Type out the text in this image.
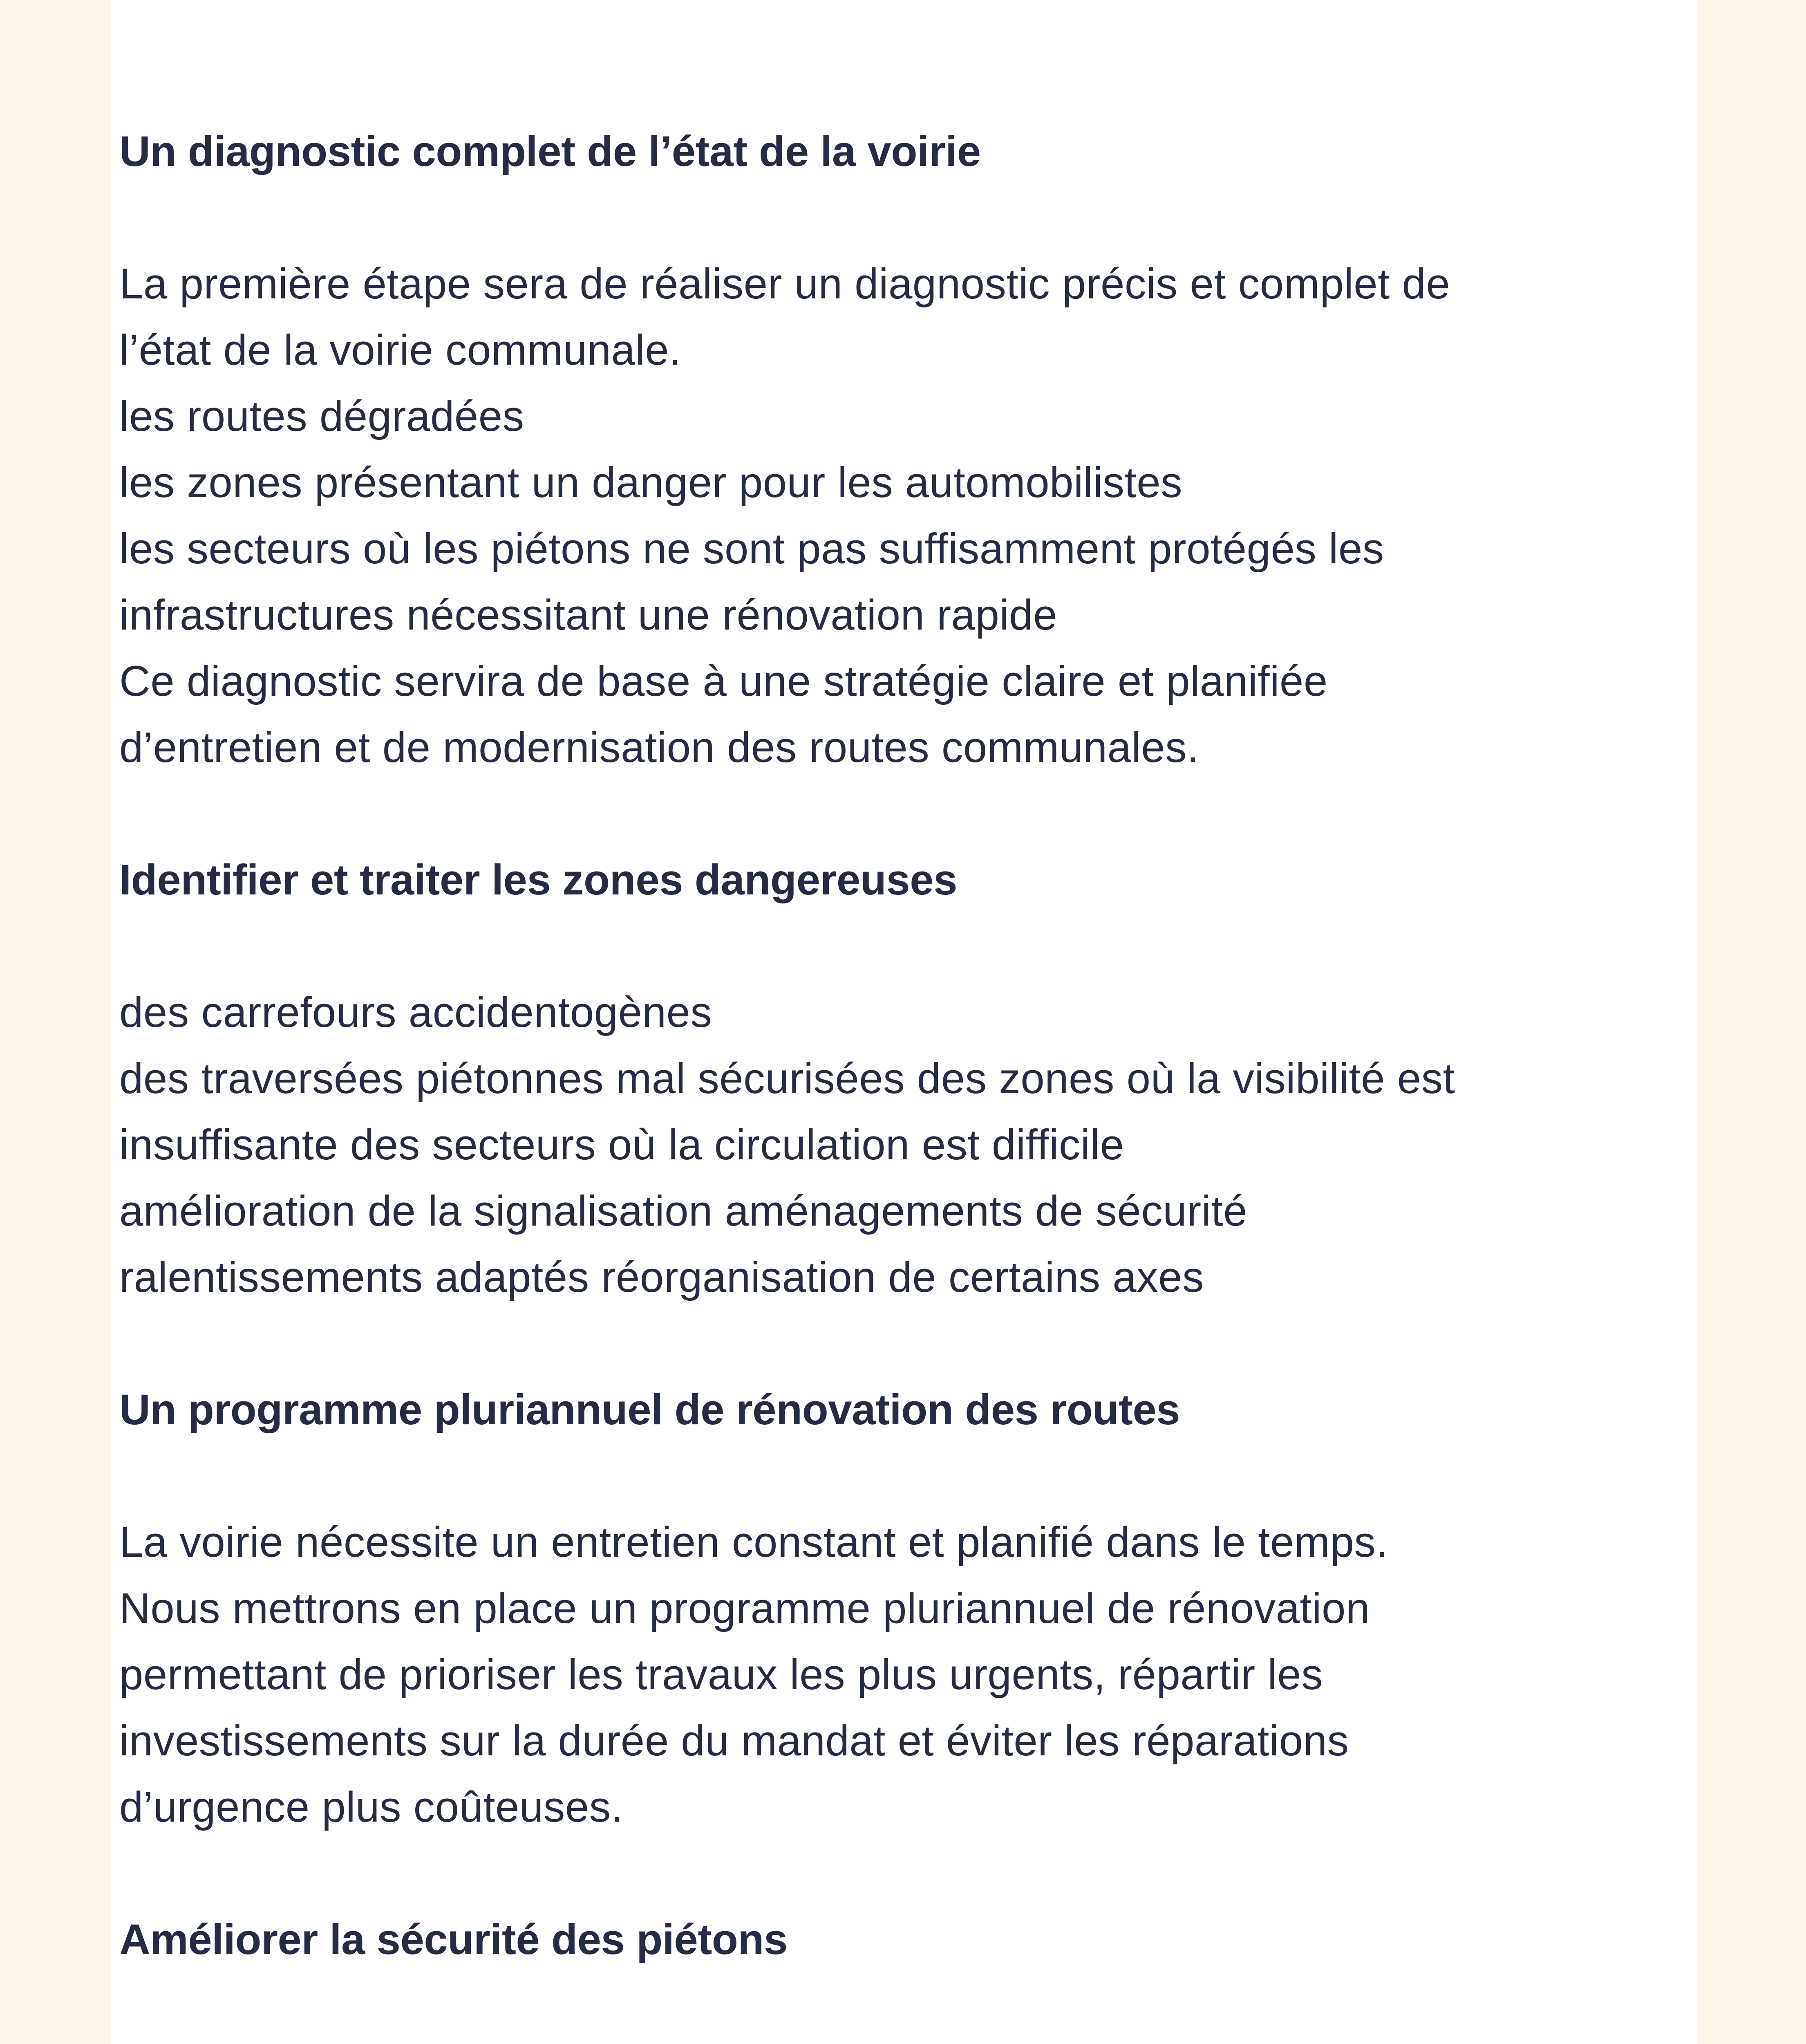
Un diagnostic complet de l’état de la voirie

La première étape sera de réaliser un diagnostic précis et complet de

l’état de la voirie communale.

les routes dégradées

les zones présentant un danger pour les automobilistes

les secteurs où les piétons ne sont pas suffisamment protégés les

infrastructures nécessitant une rénovation rapide

Ce diagnostic servira de base à une stratégie claire et planifiée

d’entretien et de modernisation des routes communales.

Identifier et traiter les zones dangereuses

des carrefours accidentogènes

des traversées piétonnes mal sécurisées des zones où la visibilité est

insuffisante des secteurs où la circulation est difficile

amélioration de la signalisation aménagements de sécurité

ralentissements adaptés réorganisation de certains axes

Un programme pluriannuel de rénovation des routes

La voirie nécessite un entretien constant et planifié dans le temps.

Nous mettrons en place un programme pluriannuel de rénovation

permettant de prioriser les travaux les plus urgents, répartir les

investissements sur la durée du mandat et éviter les réparations

d’urgence plus coûteuses.

Améliorer la sécurité des piétons
